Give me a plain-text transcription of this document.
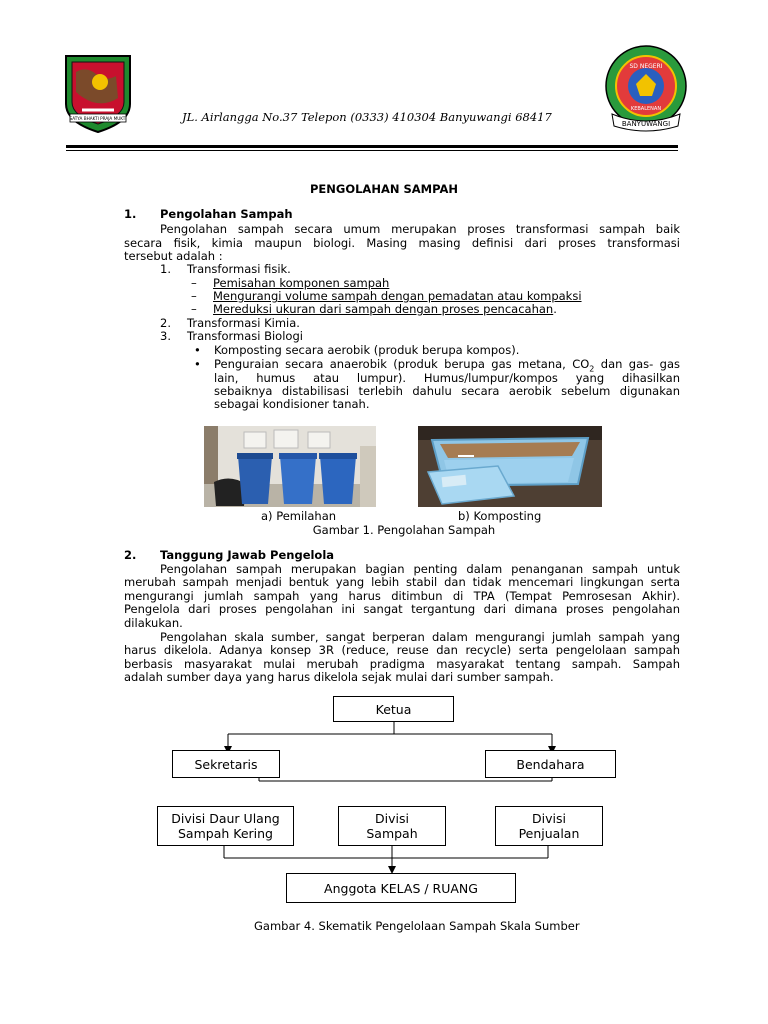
SATYA BHAKTI PRAJA MUKTI	JL. Airlangga No.37 Telepon (0333) 410304 Banyuwangi 68417
SD NEGERI
KEBALENAN
BANYUWANGI
PENGOLAHAN SAMPAH
1. Pengolahan Sampah
Pengolahan sampah secara umum merupakan proses transformasi sampah baik
secara fisik, kimia maupun biologi. Masing masing definisi dari proses transformasi
tersebut adalah :
1. Transformasi fisik.
– Pemisahan komponen sampah
– Mengurangi volume sampah dengan pemadatan atau kompaksi
– Mereduksi ukuran dari sampah dengan proses pencacahan.
2. Transformasi Kimia.
3. Transformasi Biologi
• Komposting secara aerobik (produk berupa kompos).
• Penguraian secara anaerobik (produk berupa gas metana, $CO_2$ dan gas- gas
lain,   humus   atau   lumpur).   Humus/lumpur/kompos   yang   dihasilkan
sebaiknya distabilisasi terlebih dahulu secara aerobik sebelum digunakan
sebagai kondisioner tanah.
a) Pemilahan	b) Komposting
Gambar 1. Pengolahan Sampah
2. Tanggung Jawab Pengelola
Pengolahan sampah merupakan bagian penting dalam penanganan sampah untuk
merubah sampah menjadi bentuk yang lebih stabil dan tidak mencemari lingkungan serta
mengurangi jumlah sampah yang harus ditimbun di TPA (Tempat Pemrosesan Akhir).
Pengelola dari proses pengolahan ini sangat tergantung dari dimana proses pengolahan
dilakukan.
Pengolahan skala sumber, sangat berperan dalam mengurangi jumlah sampah yang
harus dikelola. Adanya konsep 3R (reduce, reuse dan recycle) serta pengelolaan sampah
berbasis masyarakat mulai merubah pradigma masyarakat tentang sampah. Sampah
adalah sumber daya yang harus dikelola sejak mulai dari sumber sampah.
Ketua
Sekretaris	Bendahara
Divisi Daur Ulang
Sampah Kering
Divisi
Sampah
Divisi
Penjualan
Anggota KELAS / RUANG
Gambar 4. Skematik Pengelolaan Sampah Skala Sumber
